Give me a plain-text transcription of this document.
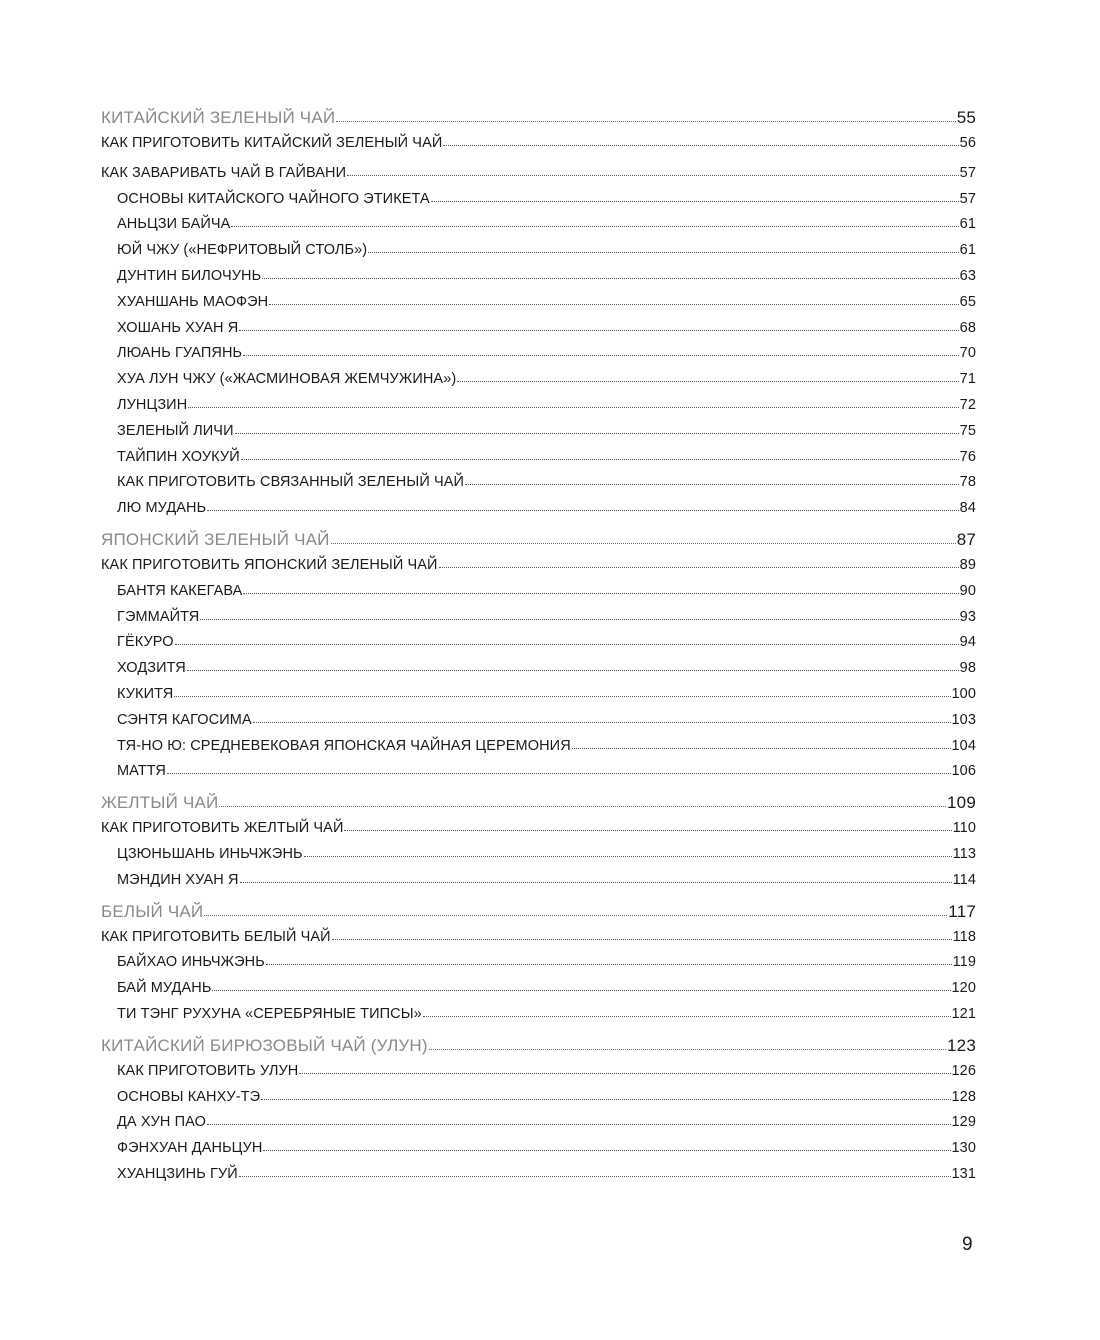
КИТАЙСКИЙ ЗЕЛЕНЫЙ ЧАЙ	55
КАК ПРИГОТОВИТЬ КИТАЙСКИЙ ЗЕЛЕНЫЙ ЧАЙ	56
КАК ЗАВАРИВАТЬ ЧАЙ В ГАЙВАНИ	57
ОСНОВЫ КИТАЙСКОГО ЧАЙНОГО ЭТИКЕТА	57
АНЬЦЗИ БАЙЧА	61
ЮЙ ЧЖУ («НЕФРИТОВЫЙ СТОЛБ»)	61
ДУНТИН БИЛОЧУНЬ	63
ХУАНШАНЬ МАОФЭН	65
ХОШАНЬ ХУАН Я	68
ЛЮАНЬ ГУАПЯНЬ	70
ХУА ЛУН ЧЖУ («ЖАСМИНОВАЯ ЖЕМЧУЖИНА»)	71
ЛУНЦЗИН	72
ЗЕЛЕНЫЙ ЛИЧИ	75
ТАЙПИН ХОУКУЙ	76
КАК ПРИГОТОВИТЬ СВЯЗАННЫЙ ЗЕЛЕНЫЙ ЧАЙ	78
ЛЮ МУДАНЬ	84
ЯПОНСКИЙ ЗЕЛЕНЫЙ ЧАЙ	87
КАК ПРИГОТОВИТЬ ЯПОНСКИЙ ЗЕЛЕНЫЙ ЧАЙ	89
БАНТЯ КАКЕГАВА	90
ГЭММАЙТЯ	93
ГЁКУРО	94
ХОДЗИТЯ	98
КУКИТЯ	100
СЭНТЯ КАГОСИМА	103
ТЯ-НО Ю: СРЕДНЕВЕКОВАЯ ЯПОНСКАЯ ЧАЙНАЯ ЦЕРЕМОНИЯ	104
МАТТЯ	106
ЖЕЛТЫЙ ЧАЙ	109
КАК ПРИГОТОВИТЬ ЖЕЛТЫЙ ЧАЙ	110
ЦЗЮНЬШАНЬ ИНЬЧЖЭНЬ	113
МЭНДИН ХУАН Я	114
БЕЛЫЙ ЧАЙ	117
КАК ПРИГОТОВИТЬ БЕЛЫЙ ЧАЙ	118
БАЙХАО ИНЬЧЖЭНЬ	119
БАЙ МУДАНЬ	120
ТИ ТЭНГ РУХУНА «СЕРЕБРЯНЫЕ ТИПСЫ»	121
КИТАЙСКИЙ БИРЮЗОВЫЙ ЧАЙ (УЛУН)	123
КАК ПРИГОТОВИТЬ УЛУН	126
ОСНОВЫ КАНХУ-ТЭ	128
ДА ХУН ПАО	129
ФЭНХУАН ДАНЬЦУН	130
ХУАНЦЗИНЬ ГУЙ	131
9
